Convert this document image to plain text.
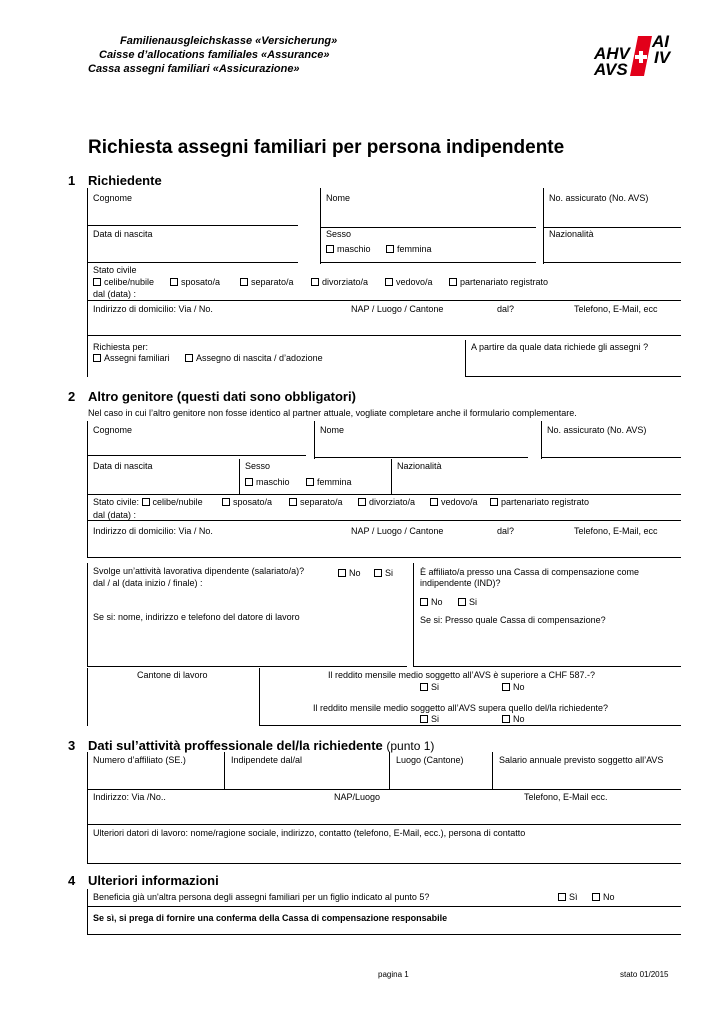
Familienausgleichskasse «Versicherung»
Caisse d’allocations familiales «Assurance»
Cassa assegni familiari «Assicurazione»
AHV
AVS
AI
IV
Richiesta assegni familiari per persona indipendente
1 Richiedente
Cognome	Nome	No. assicurato (No. AVS)
Data di nascita	Sesso
maschio	femmina
Nazionalità
Stato civile
celibe/nubile	sposato/a	separato/a	divorziato/a	vedovo/a	partenariato registrato
dal (data) :
Indirizzo di domicilio: Via / No.	NAP / Luogo / Cantone	dal?	Telefono, E-Mail, ecc
Richiesta per:
Assegni familiari	Assegno di nascita / d’adozione
A partire da quale data richiede gli assegni ?
2 Altro genitore (questi dati sono obbligatori)
Nel caso in cui l’altro genitore non fosse identico al partner attuale, vogliate completare anche il formulario complementare.
Cognome	Nome	No. assicurato (No. AVS)
Data di nascita	Sesso
maschio	femmina
Nazionalità
Stato civile: celibe/nubile	sposato/a	separato/a	divorziato/a	vedovo/a	partenariato registrato
dal (data) :
Indirizzo di domicilio: Via / No.	NAP / Luogo / Cantone	dal?	Telefono, E-Mail, ecc
Svolge un’attività lavorativa dipendente (salariato/a)?	No	Si
dal / al (data inizio / finale) :
Se si: nome, indirizzo e telefono del datore di lavoro
È affiliato/a presso una Cassa di compensazione come
indipendente (IND)?
No	Si
Se si: Presso quale Cassa di compensazione?
Cantone di lavoro	Il reddito mensile medio soggetto all’AVS è superiore a CHF 587.-?
Si	No
Il reddito mensile medio soggetto all’AVS supera quello del/la richiedente?
Si	No
3 Dati sul’attività proffessionale del/la richiedente (punto 1)
Numero d’affiliato (SE.)	Indipendete dal/al	Luogo (Cantone)	Salario annuale previsto soggetto all’AVS
Indirizzo: Via /No..	NAP/Luogo	Telefono, E-Mail ecc.
Ulteriori datori di lavoro: nome/ragione sociale, indirizzo, contatto (telefono, E-Mail, ecc.), persona di contatto
4 Ulteriori informazioni
Beneficia già un'altra persona degli assegni familiari per un figlio indicato al punto 5?	Sì	No
Se sì, si prega di fornire una conferma della Cassa di compensazione responsabile
pagina 1	stato 01/2015
